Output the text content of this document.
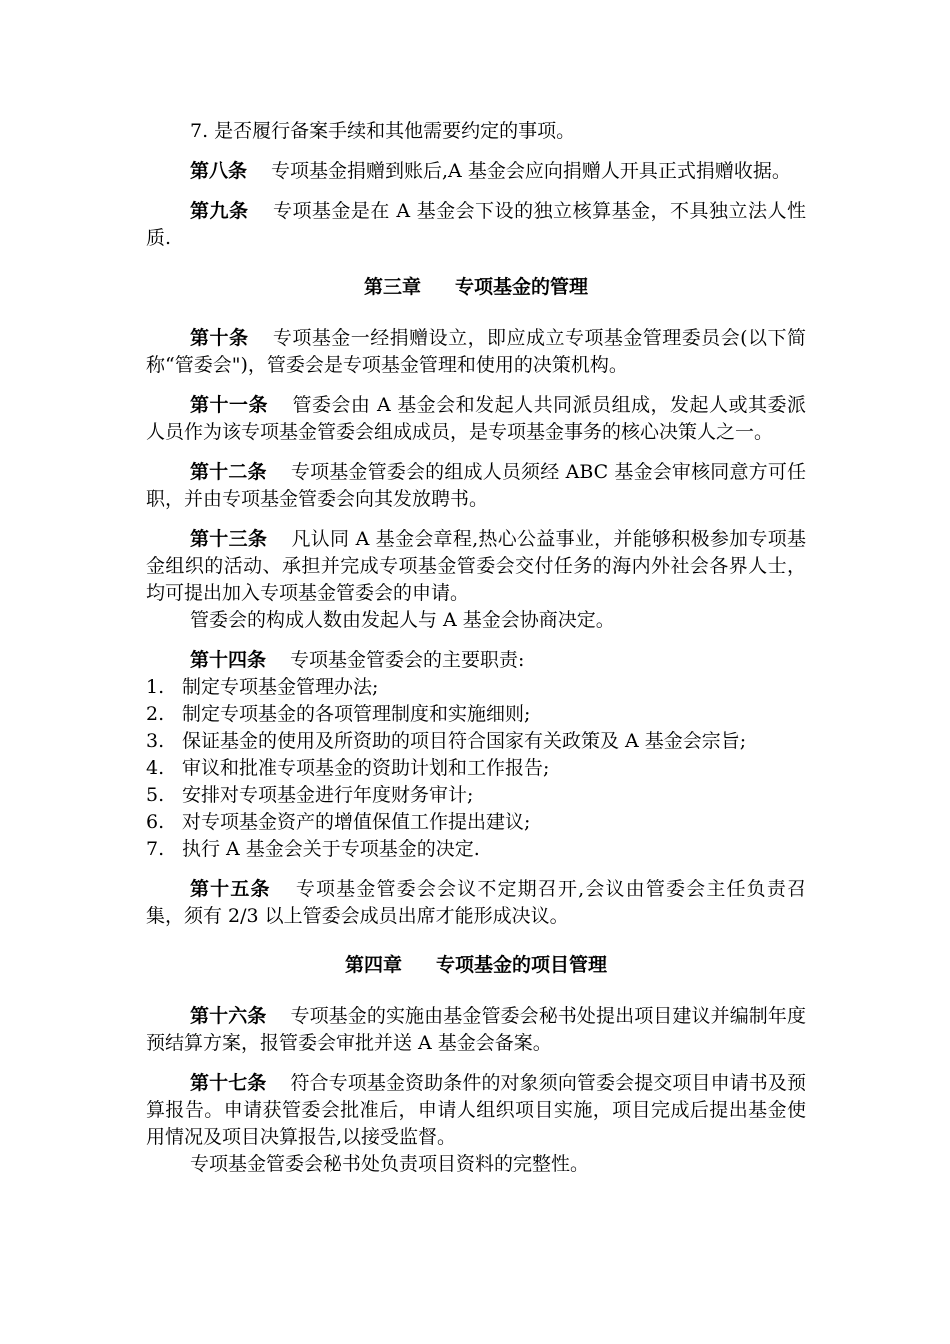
7. 是否履行备案手续和其他需要约定的事项。

第八条 专项基金捐赠到账后,A 基金会应向捐赠人开具正式捐赠收据。

第九条 专项基金是在 A 基金会下设的独立核算基金，不具独立法人性质.

第三章 专项基金的管理

第十条 专项基金一经捐赠设立，即应成立专项基金管理委员会(以下简称“管委会")，管委会是专项基金管理和使用的决策机构。

第十一条 管委会由 A 基金会和发起人共同派员组成，发起人或其委派人员作为该专项基金管委会组成成员，是专项基金事务的核心决策人之一。

第十二条 专项基金管委会的组成人员须经 ABC 基金会审核同意方可任职，并由专项基金管委会向其发放聘书。

第十三条 凡认同 A 基金会章程,热心公益事业，并能够积极参加专项基金组织的活动、承担并完成专项基金管委会交付任务的海内外社会各界人士，均可提出加入专项基金管委会的申请。

管委会的构成人数由发起人与 A 基金会协商决定。

第十四条 专项基金管委会的主要职责:

1. 制定专项基金管理办法;
2. 制定专项基金的各项管理制度和实施细则;
3. 保证基金的使用及所资助的项目符合国家有关政策及 A 基金会宗旨;
4. 审议和批准专项基金的资助计划和工作报告;
5. 安排对专项基金进行年度财务审计;
6. 对专项基金资产的增值保值工作提出建议;
7. 执行 A 基金会关于专项基金的决定.

第十五条 专项基金管委会会议不定期召开,会议由管委会主任负责召集，须有 2/3 以上管委会成员出席才能形成决议。

第四章 专项基金的项目管理

第十六条 专项基金的实施由基金管委会秘书处提出项目建议并编制年度预结算方案，报管委会审批并送 A 基金会备案。

第十七条 符合专项基金资助条件的对象须向管委会提交项目申请书及预算报告。申请获管委会批准后，申请人组织项目实施，项目完成后提出基金使用情况及项目决算报告,以接受监督。

专项基金管委会秘书处负责项目资料的完整性。
